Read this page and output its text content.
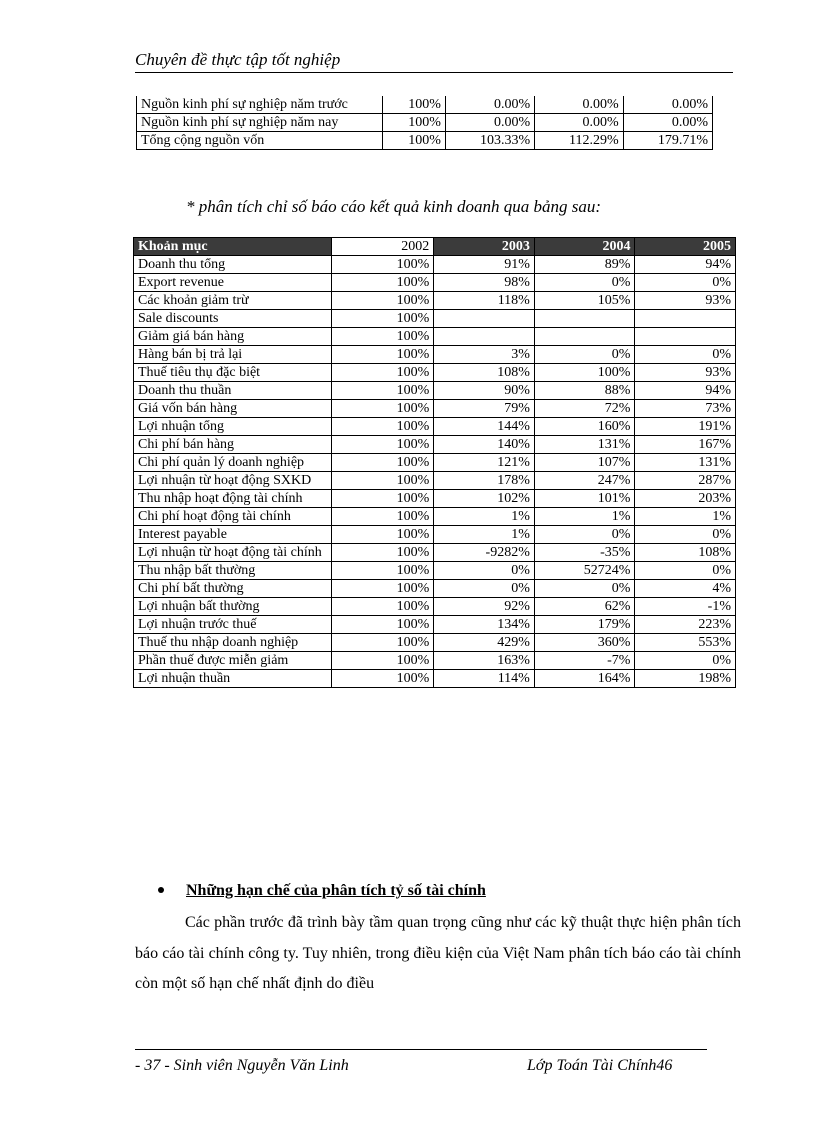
Chuyên đề thực tập tốt nghiệp
Nguồn kinh phí sự nghiệp năm trước	100%	0.00%	0.00%	0.00%
Nguồn kinh phí sự nghiệp năm nay	100%	0.00%	0.00%	0.00%
Tổng cộng nguồn vốn	100%	103.33%	112.29%	179.71%
* phân tích chỉ số báo cáo kết quả kinh doanh qua bảng sau:
Khoản mục	2002	2003	2004	2005
Doanh thu tổng	100%	91%	89%	94%
Export revenue	100%	98%	0%	0%
Các khoản giảm trừ	100%	118%	105%	93%
Sale discounts	100%			
Giảm giá bán hàng	100%			
Hàng bán bị trả lại	100%	3%	0%	0%
Thuế tiêu thụ đặc biệt	100%	108%	100%	93%
Doanh thu thuần	100%	90%	88%	94%
Giá vốn bán hàng	100%	79%	72%	73%
Lợi nhuận tổng	100%	144%	160%	191%
Chi phí bán hàng	100%	140%	131%	167%
Chi phí quản lý doanh nghiệp	100%	121%	107%	131%
Lợi nhuận từ hoạt động SXKD	100%	178%	247%	287%
Thu nhập hoạt động tài chính	100%	102%	101%	203%
Chi phí hoạt động tài chính	100%	1%	1%	1%
Interest payable	100%	1%	0%	0%
Lợi nhuận từ hoạt động tài chính	100%	-9282%	-35%	108%
Thu nhập bất thường	100%	0%	52724%	0%
Chi phí bất thường	100%	0%	0%	4%
Lợi nhuận bất thường	100%	92%	62%	-1%
Lợi nhuận trước thuế	100%	134%	179%	223%
Thuế thu nhập doanh nghiệp	100%	429%	360%	553%
Phần thuế được miễn giảm	100%	163%	-7%	0%
Lợi nhuận thuần	100%	114%	164%	198%
Những hạn chế của phân tích tỷ số tài chính

Các phần trước đã trình bày tầm quan trọng cũng như các kỹ thuật thực hiện phân tích báo cáo tài chính công ty. Tuy nhiên, trong điều kiện của Việt Nam phân tích báo cáo tài chính còn một số hạn chế nhất định do điều

- 37 - Sinh viên Nguyễn Văn Linh	Lớp Toán Tài Chính46
